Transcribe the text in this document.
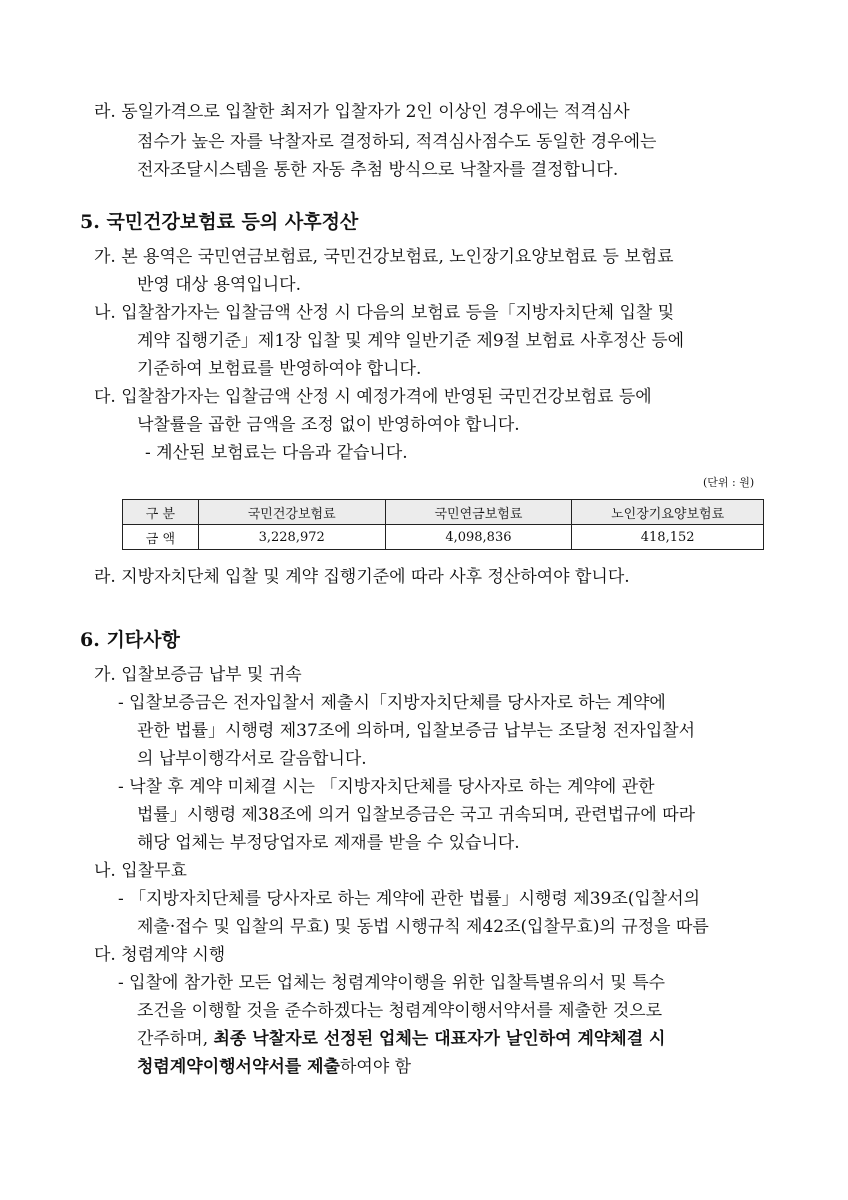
라. 동일가격으로 입찰한 최저가 입찰자가 2인 이상인 경우에는 적격심사
점수가 높은 자를 낙찰자로 결정하되, 적격심사점수도 동일한 경우에는
전자조달시스템을 통한 자동 추첨 방식으로 낙찰자를 결정합니다.
5. 국민건강보험료 등의 사후정산
가. 본 용역은 국민연금보험료, 국민건강보험료, 노인장기요양보험료 등 보험료
반영 대상 용역입니다.
나. 입찰참가자는 입찰금액 산정 시 다음의 보험료 등을「지방자치단체 입찰 및
계약 집행기준」제1장 입찰 및 계약 일반기준 제9절 보험료 사후정산 등에
기준하여 보험료를 반영하여야 합니다.
다. 입찰참가자는 입찰금액 산정 시 예정가격에 반영된 국민건강보험료 등에
낙찰률을 곱한 금액을 조정 없이 반영하여야 합니다.
- 계산된 보험료는 다음과 같습니다.
(단위 : 원)
구 분	국민건강보험료	국민연금보험료	노인장기요양보험료
금 액	3,228,972	4,098,836	418,152
라. 지방자치단체 입찰 및 계약 집행기준에 따라 사후 정산하여야 합니다.
6. 기타사항
가. 입찰보증금 납부 및 귀속
- 입찰보증금은 전자입찰서 제출시「지방자치단체를 당사자로 하는 계약에
관한 법률」시행령 제37조에 의하며, 입찰보증금 납부는 조달청 전자입찰서
의 납부이행각서로 갈음합니다.
- 낙찰 후 계약 미체결 시는 「지방자치단체를 당사자로 하는 계약에 관한
법률」시행령 제38조에 의거 입찰보증금은 국고 귀속되며, 관련법규에 따라
해당 업체는 부정당업자로 제재를 받을 수 있습니다.
나. 입찰무효
- 「지방자치단체를 당사자로 하는 계약에 관한 법률」시행령 제39조(입찰서의
제출·접수 및 입찰의 무효) 및 동법 시행규칙 제42조(입찰무효)의 규정을 따름
다. 청렴계약 시행
- 입찰에 참가한 모든 업체는 청렴계약이행을 위한 입찰특별유의서 및 특수
조건을 이행할 것을 준수하겠다는 청렴계약이행서약서를 제출한 것으로
간주하며, 최종 낙찰자로 선정된 업체는 대표자가 날인하여 계약체결 시
청렴계약이행서약서를 제출하여야 함
